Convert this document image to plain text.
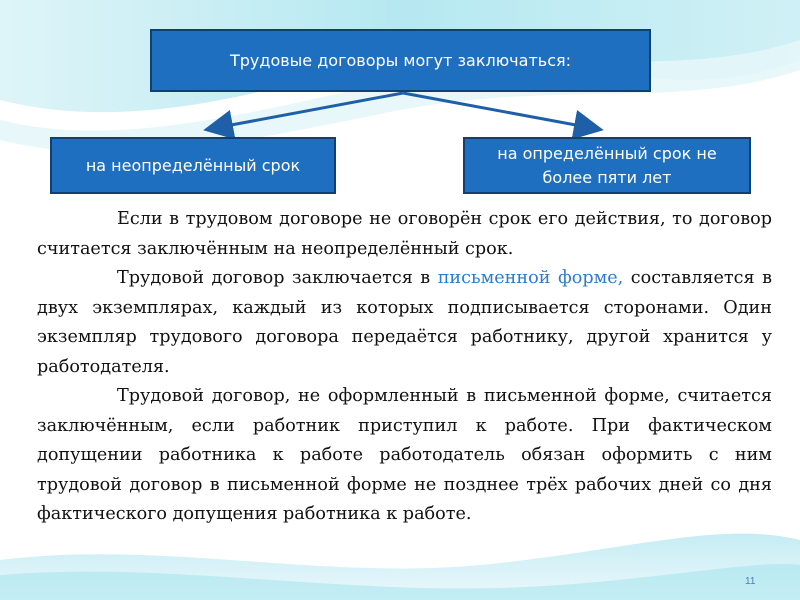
Трудовые договоры могут заключаться:
на неопределённый срок
на определённый срок не более пяти лет

Если в трудовом договоре не оговорён срок его действия, то договор считается заключённым на неопределённый срок.

Трудовой договор заключается в письменной форме, составляется в двух экземплярах, каждый из которых подписывается сторонами. Один экземпляр трудового договора передаётся работнику, другой хранится у работодателя.

Трудовой договор, не оформленный в письменной форме, считается заключённым, если работник приступил к работе. При фактическом допущении работника к работе работодатель обязан оформить с ним трудовой договор в письменной форме не позднее трёх рабочих дней со дня фактического допущения работника к работе.

11
